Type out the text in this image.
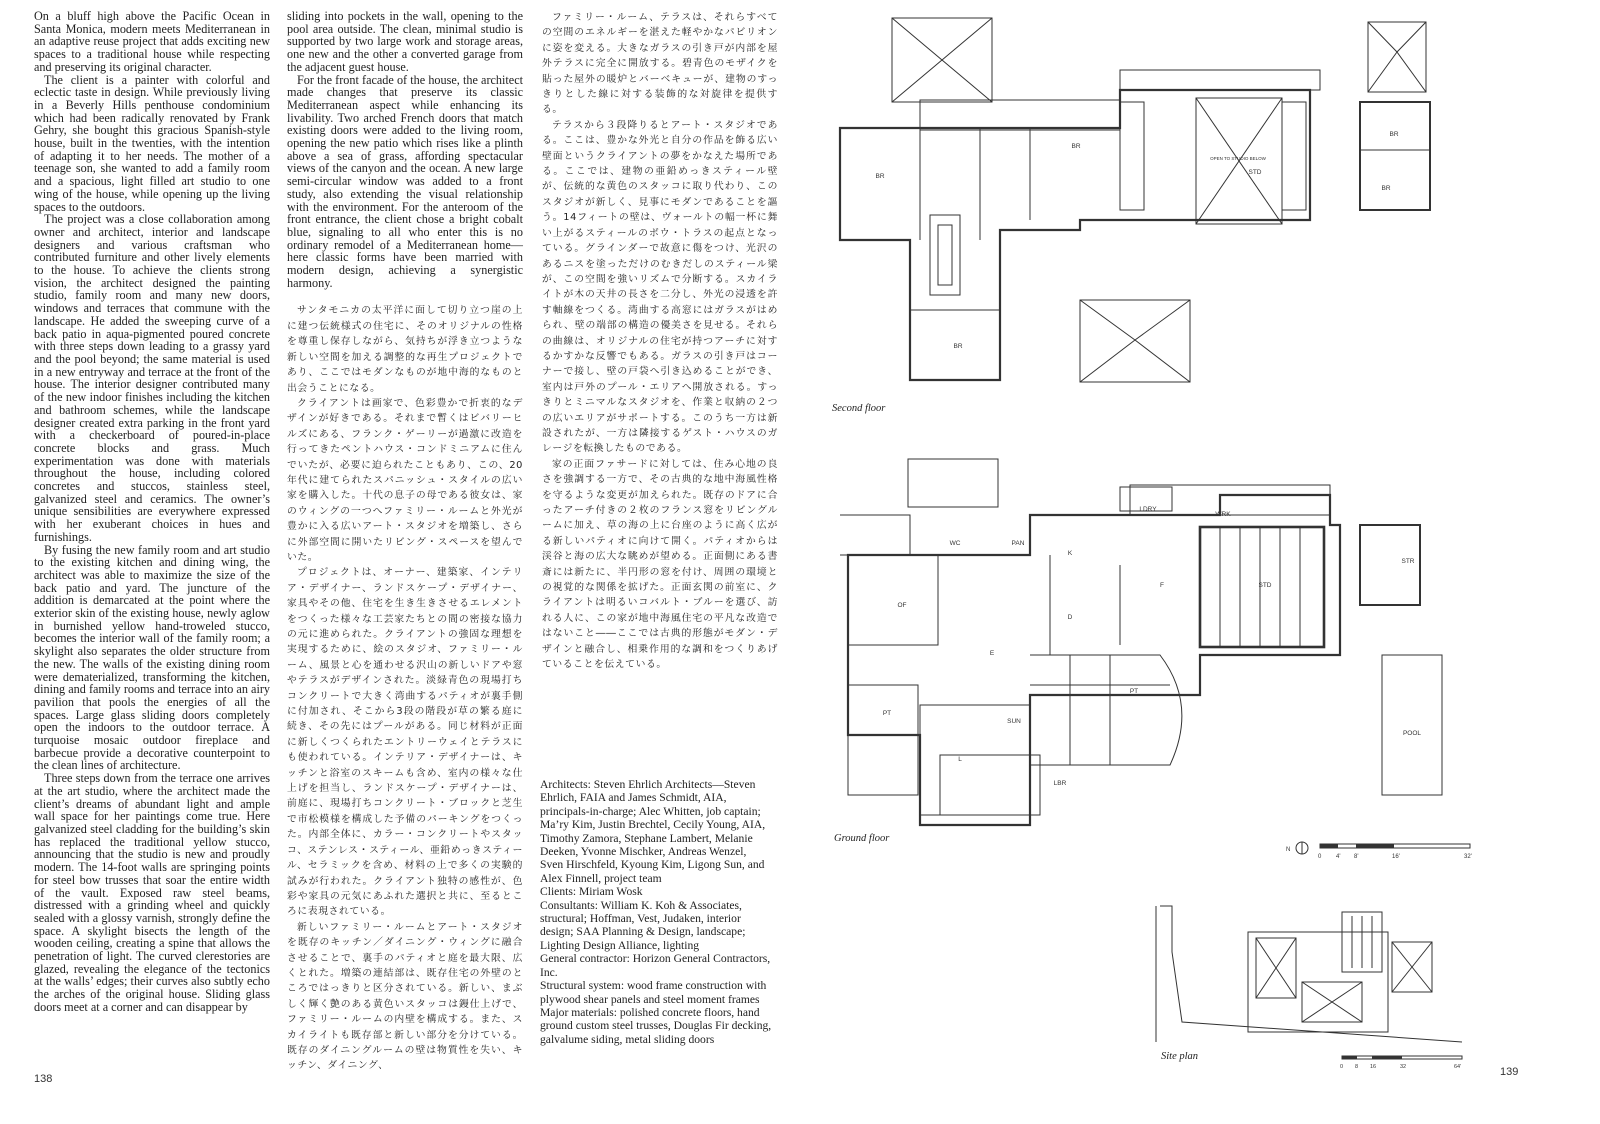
On a bluff high above the Pacific Ocean in Santa Monica, modern meets Mediterranean in an adaptive reuse project that adds exciting new spaces to a traditional house while respecting and preserving its original character.

The client is a painter with colorful and eclectic taste in design. While previously living in a Beverly Hills penthouse condominium which had been radically renovated by Frank Gehry, she bought this gracious Spanish-style house, built in the twenties, with the intention of adapting it to her needs. The mother of a teenage son, she wanted to add a family room and a spacious, light filled art studio to one wing of the house, while opening up the living spaces to the outdoors.

The project was a close collaboration among owner and architect, interior and landscape designers and various craftsman who contributed furniture and other lively elements to the house. To achieve the clients strong vision, the architect designed the painting studio, family room and many new doors, windows and terraces that commune with the landscape. He added the sweeping curve of a back patio in aqua-pigmented poured concrete with three steps down leading to a grassy yard and the pool beyond; the same material is used in a new entryway and terrace at the front of the house. The interior designer contributed many of the new indoor finishes including the kitchen and bathroom schemes, while the landscape designer created extra parking in the front yard with a checkerboard of poured-in-place concrete blocks and grass. Much experimentation was done with materials throughout the house, including colored concretes and stuccos, stainless steel, galvanized steel and ceramics. The owner’s unique sensibilities are everywhere expressed with her exuberant choices in hues and furnishings.

By fusing the new family room and art studio to the existing kitchen and dining wing, the architect was able to maximize the size of the back patio and yard. The juncture of the addition is demarcated at the point where the exterior skin of the existing house, newly aglow in burnished yellow hand-troweled stucco, becomes the interior wall of the family room; a skylight also separates the older structure from the new. The walls of the existing dining room were dematerialized, transforming the kitchen, dining and family rooms and terrace into an airy pavilion that pools the energies of all the spaces. Large glass sliding doors completely open the indoors to the outdoor terrace. A turquoise mosaic outdoor fireplace and barbecue provide a decorative counterpoint to the clean lines of architecture.

Three steps down from the terrace one arrives at the art studio, where the architect made the client’s dreams of abundant light and ample wall space for her paintings come true. Here galvanized steel cladding for the building’s skin has replaced the traditional yellow stucco, announcing that the studio is new and proudly modern. The 14-foot walls are springing points for steel bow trusses that soar the entire width of the vault. Exposed raw steel beams, distressed with a grinding wheel and quickly sealed with a glossy varnish, strongly define the space. A skylight bisects the length of the wooden ceiling, creating a spine that allows the penetration of light. The curved clerestories are glazed, revealing the elegance of the tectonics at the walls’ edges; their curves also subtly echo the arches of the original house. Sliding glass doors meet at a corner and can disappear by

sliding into pockets in the wall, opening to the pool area outside. The clean, minimal studio is supported by two large work and storage areas, one new and the other a converted garage from the adjacent guest house.

For the front facade of the house, the architect made changes that preserve its classic Mediterranean aspect while enhancing its livability. Two arched French doors that match existing doors were added to the living room, opening the new patio which rises like a plinth above a sea of grass, affording spectacular views of the canyon and the ocean. A new large semi-circular window was added to a front study, also extending the visual relationship with the environment. For the anteroom of the front entrance, the client chose a bright cobalt blue, signaling to all who enter this is no ordinary remodel of a Mediterranean home—here classic forms have been married with modern design, achieving a synergistic harmony.

サンタモニカの太平洋に面して切り立つ崖の上に建つ伝統様式の住宅に、そのオリジナルの性格を尊重し保存しながら、気持ちが浮き立つような新しい空間を加える調整的な再生プロジェクトであり、ここではモダンなものが地中海的なものと出会うことになる。

クライアントは画家で、色彩豊かで折衷的なデザインが好きである。それまで暫くはビバリーヒルズにある、フランク・ゲーリーが過激に改造を行ってきたペントハウス・コンドミニアムに住んでいたが、必要に迫られたこともあり、この、20年代に建てられたスパニッシュ・スタイルの広い家を購入した。十代の息子の母である彼女は、家のウィングの一つへファミリー・ルームと外光が豊かに入る広いアート・スタジオを増築し、さらに外部空間に開いたリビング・スペースを望んでいた。

プロジェクトは、オーナー、建築家、インテリア・デザイナー、ランドスケープ・デザイナー、家具やその他、住宅を生き生きさせるエレメントをつくった様々な工芸家たちとの間の密接な協力の元に進められた。クライアントの強固な理想を実現するために、絵のスタジオ、ファミリー・ルーム、風景と心を通わせる沢山の新しいドアや窓やテラスがデザインされた。淡緑青色の現場打ちコンクリートで大きく湾曲するパティオが裏手側に付加され、そこから3段の階段が草の繁る庭に続き、その先にはプールがある。同じ材料が正面に新しくつくられたエントリーウェイとテラスにも使われている。インテリア・デザイナーは、キッチンと浴室のスキームも含め、室内の様々な仕上げを担当し、ランドスケープ・デザイナーは、前庭に、現場打ちコンクリート・ブロックと芝生で市松模様を構成した予備のパーキングをつくった。内部全体に、カラー・コンクリートやスタッコ、ステンレス・スティール、亜鉛めっきスティール、セラミックを含め、材料の上で多くの実験的試みが行われた。クライアント独特の感性が、色彩や家具の元気にあふれた選択と共に、至るところに表現されている。

新しいファミリー・ルームとアート・スタジオを既存のキッチン／ダイニング・ウィングに融合させることで、裏手のパティオと庭を最大限、広くとれた。増築の連結部は、既存住宅の外壁のところではっきりと区分されている。新しい、まぶしく輝く艶のある黄色いスタッコは鏝仕上げで、ファミリー・ルームの内壁を構成する。また、スカイライトも既存部と新しい部分を分けている。既存のダイニングルームの壁は物質性を失い、キッチン、ダイニング、

138

ファミリー・ルーム、テラスは、それらすべての空間のエネルギーを湛えた軽やかなパビリオンに姿を変える。大きなガラスの引き戸が内部を屋外テラスに完全に開放する。碧青色のモザイクを貼った屋外の暖炉とバーベキューが、建物のすっきりとした線に対する装飾的な対旋律を提供する。

テラスから３段降りるとアート・スタジオである。ここは、豊かな外光と自分の作品を飾る広い壁面というクライアントの夢をかなえた場所である。ここでは、建物の亜鉛めっきスティール壁が、伝統的な黄色のスタッコに取り代わり、このスタジオが新しく、見事にモダンであることを謳う。14フィートの壁は、ヴォールトの幅一杯に舞い上がるスティールのボウ・トラスの起点となっている。グラインダーで故意に傷をつけ、光沢のあるニスを塗っただけのむきだしのスティール梁が、この空間を強いリズムで分断する。スカイライトが木の天井の長さを二分し、外光の浸透を許す軸線をつくる。湾曲する高窓にはガラスがはめられ、壁の端部の構造の優美さを見せる。それらの曲線は、オリジナルの住宅が持つアーチに対するかすかな反響でもある。ガラスの引き戸はコーナーで接し、壁の戸袋へ引き込めることができ、室内は戸外のプール・エリアへ開放される。すっきりとミニマルなスタジオを、作業と収納の２つの広いエリアがサポートする。このうち一方は新設されたが、一方は隣接するゲスト・ハウスのガレージを転換したものである。

家の正面ファサードに対しては、住み心地の良さを強調する一方で、その古典的な地中海風性格を守るような変更が加えられた。既存のドアに合ったアーチ付きの２枚のフランス窓をリビングルームに加え、草の海の上に台座のように高く広がる新しいパティオに向けて開く。パティオからは渓谷と海の広大な眺めが望める。正面側にある書斎には新たに、半円形の窓を付け、周囲の環境との視覚的な関係を拡げた。正面玄関の前室に、クライアントは明るいコバルト・ブルーを選び、訪れる人に、この家が地中海風住宅の平凡な改造ではないこと――ここでは古典的形態がモダン・デザインと融合し、相乗作用的な調和をつくりあげていることを伝えている。

Architects: Steven Ehrlich Architects—Steven Ehrlich, FAIA and James Schmidt, AIA, principals-in-charge; Alec Whitten, job captain; Ma’ry Kim, Justin Brechtel, Cecily Young, AIA, Timothy Zamora, Stephane Lambert, Melanie Deeken, Yvonne Mischker, Andreas Wenzel, Sven Hirschfeld, Kyoung Kim, Ligong Sun, and Alex Finnell, project team
Clients: Miriam Wosk
Consultants: William K. Koh & Associates, structural; Hoffman, Vest, Judaken, interior design; SAA Planning & Design, landscape; Lighting Design Alliance, lighting
General contractor: Horizon General Contractors, Inc.
Structural system: wood frame construction with plywood shear panels and steel moment frames
Major materials: polished concrete floors, hand ground custom steel trusses, Douglas Fir decking, galvalume siding, metal sliding doors
BR
BR
BR
STD
BR
BR
OPEN TO STUDIO BELOW
Second floor
LDRY
WRK
WC	PAN
K
OF
F	STD
STR
D
E
PT
PT
SUN
L
LBR
POOL
Ground floor
N
0 4' 8'	16'	32'
Site plan
0 8 16	32	64'	139
